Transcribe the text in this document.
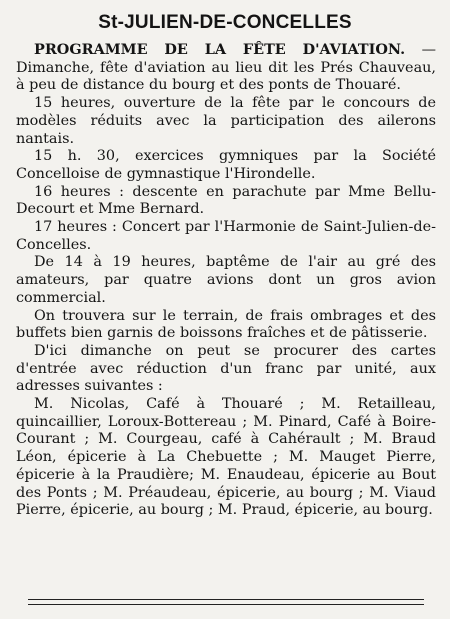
St-JULIEN-DE-CONCELLES

PROGRAMME DE LA FÊTE D'AVIATION. — Dimanche, fête d'aviation au lieu dit les Prés Chauveau, à peu de distance du bourg et des ponts de Thouaré.

15 heures, ouverture de la fête par le concours de modèles réduits avec la participation des ailerons nantais.

15 h. 30, exercices gymniques par la Société Concelloise de gymnastique l'Hirondelle.

16 heures : descente en parachute par Mme Bellu-Decourt et Mme Bernard.

17 heures : Concert par l'Harmonie de Saint-Julien-de-Concelles.

De 14 à 19 heures, baptême de l'air au gré des amateurs, par quatre avions dont un gros avion commercial.

On trouvera sur le terrain, de frais ombrages et des buffets bien garnis de boissons fraîches et de pâtisserie.

D'ici dimanche on peut se procurer des cartes d'entrée avec réduction d'un franc par unité, aux adresses suivantes :

M. Nicolas, Café à Thouaré ; M. Retailleau, quincaillier, Loroux-Bottereau ; M. Pinard, Café à Boire-Courant ; M. Courgeau, café à Cahérault ; M. Braud Léon, épicerie à La Chebuette ; M. Mauget Pierre, épicerie à la Praudière; M. Enaudeau, épicerie au Bout des Ponts ; M. Préaudeau, épicerie, au bourg ; M. Viaud Pierre, épicerie, au bourg ; M. Praud, épicerie, au bourg.
